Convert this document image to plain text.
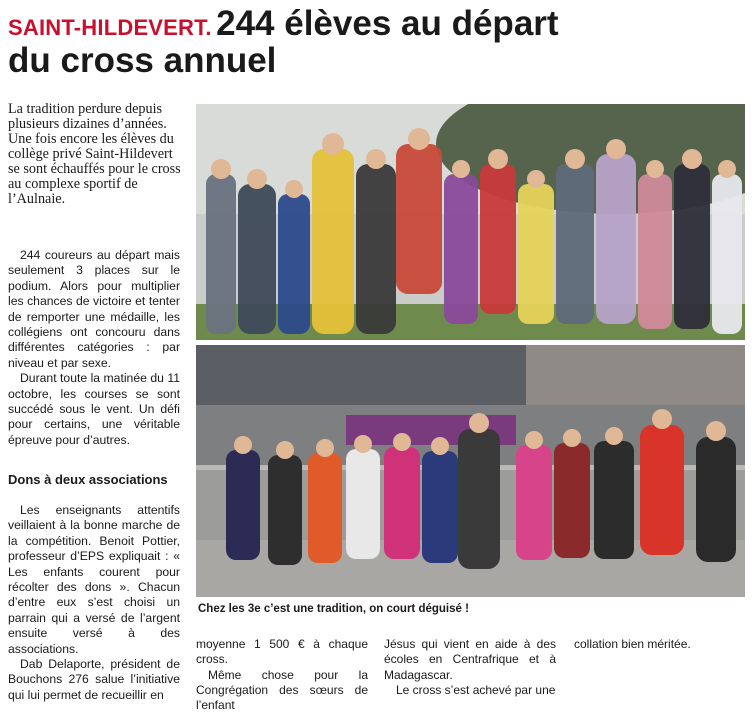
SAINT-HILDEVERT. 244 élèves au départ
du cross annuel
La tradition perdure depuis plusieurs dizaines d’années. Une fois encore les élèves du collège privé Saint-Hildevert se sont échauffés pour le cross au complexe sportif de l’Aulnaie.

244 coureurs au départ mais seulement 3 places sur le podium. Alors pour multiplier les chances de victoire et tenter de remporter une médaille, les collégiens ont concouru dans différentes catégories : par niveau et par sexe.

Durant toute la matinée du 11 octobre, les courses se sont succédé sous le vent. Un défi pour certains, une véritable épreuve pour d’autres.

Dons à deux associations

Les enseignants attentifs veillaient à la bonne marche de la compétition. Benoit Pottier, professeur d’EPS expliquait : « Les enfants courent pour récolter des dons ». Chacun d’entre eux s’est choisi un parrain qui a versé de l’argent ensuite versé à des associations.

Dab Delaporte, président de Bouchons 276 salue l’initiative qui lui permet de recueillir en

Chez les 3e c’est une tradition, on court déguisé !

moyenne 1 500 € à chaque cross.

Même chose pour la Congrégation des sœurs de l’enfant

Jésus qui vient en aide à des écoles en Centrafrique et à Madagascar.

Le cross s’est achevé par une

collation bien méritée.
